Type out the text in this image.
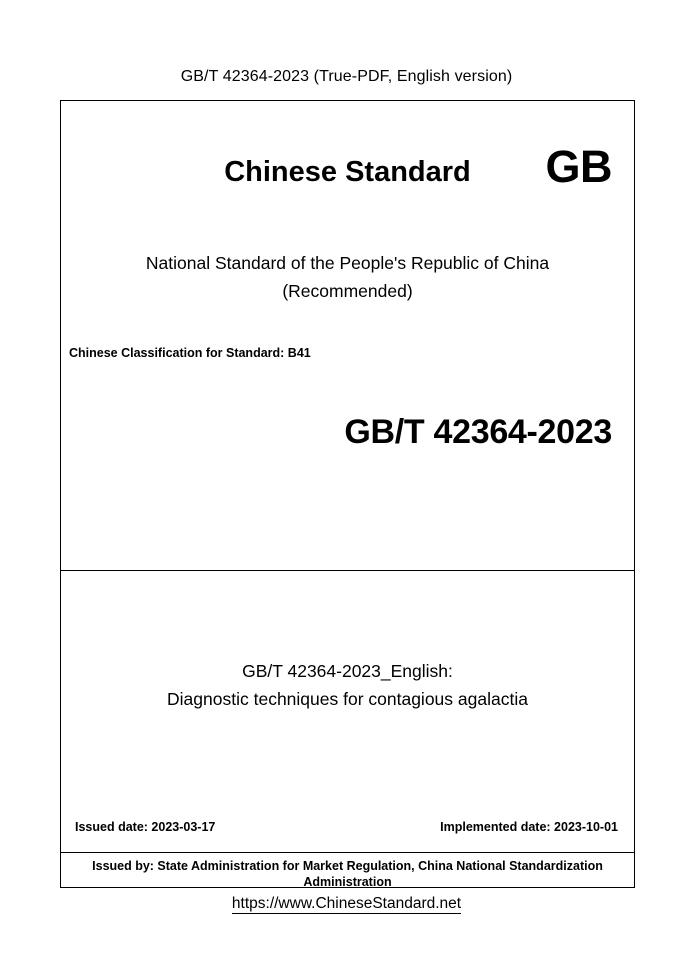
GB/T 42364-2023 (True-PDF, English version)
Chinese Standard	GB
National Standard of the People's Republic of China
(Recommended)
Chinese Classification for Standard: B41
GB/T 42364-2023
GB/T 42364-2023_English:
Diagnostic techniques for contagious agalactia
Issued date: 2023-03-17	Implemented date: 2023-10-01
Issued by: State Administration for Market Regulation, China National Standardization
Administration
https://www.ChineseStandard.net
